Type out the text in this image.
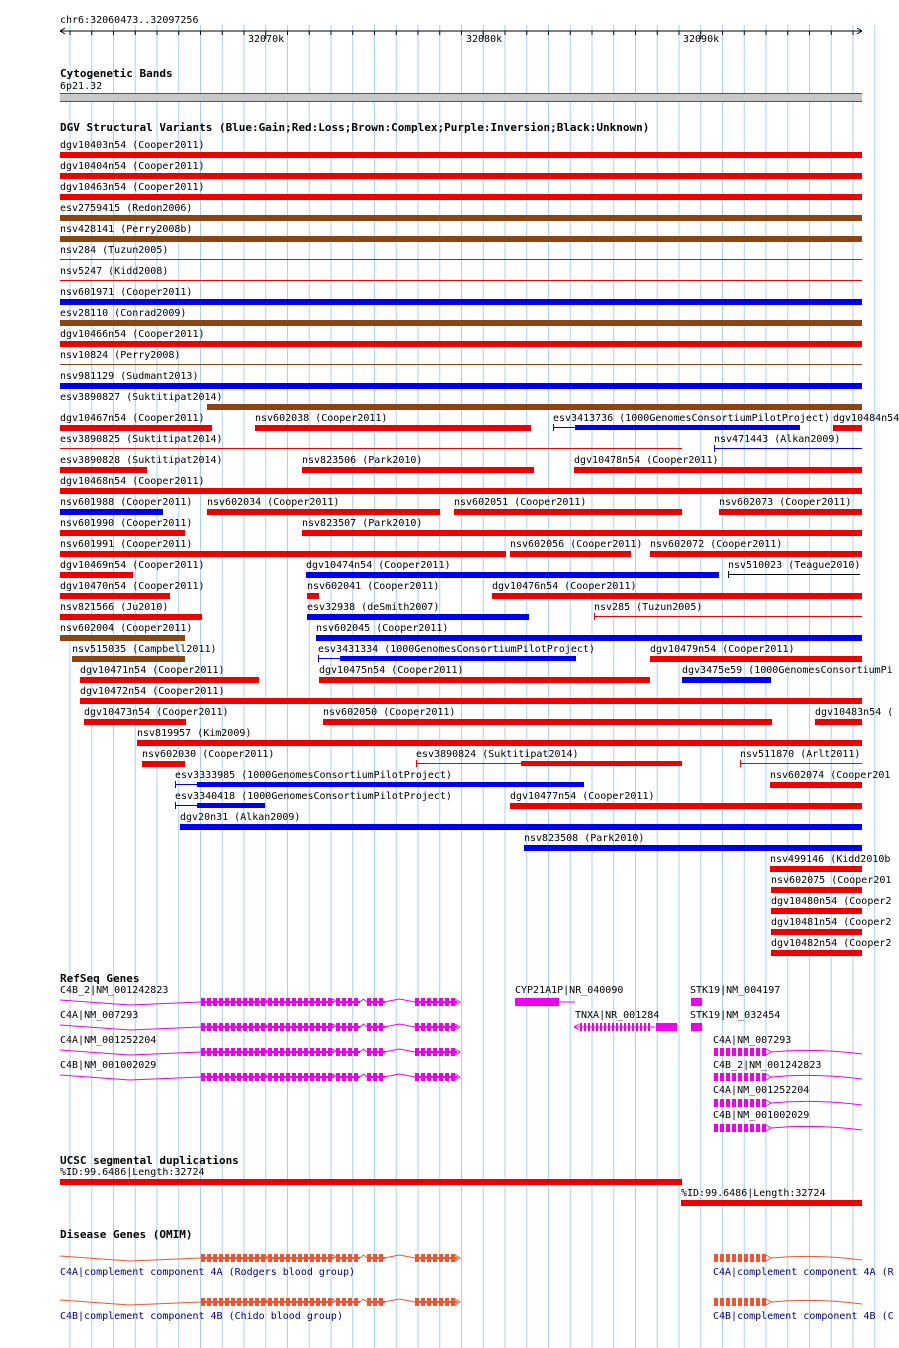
chr6:32060473..32097256
32070k	32080k	32090k
Cytogenetic Bands
6p21.32
DGV Structural Variants (Blue:Gain;Red:Loss;Brown:Complex;Purple:Inversion;Black:Unknown)
dgv10403n54 (Cooper2011)
dgv10404n54 (Cooper2011)
dgv10463n54 (Cooper2011)
esv2759415 (Redon2006)
nsv428141 (Perry2008b)
nsv284 (Tuzun2005)
nsv5247 (Kidd2008)
nsv601971 (Cooper2011)
esv28110 (Conrad2009)
dgv10466n54 (Cooper2011)
nsv10824 (Perry2008)
nsv981129 (Sudmant2013)
esv3890827 (Suktitipat2014)
dgv10467n54 (Cooper2011)	nsv602038 (Cooper2011)	esv3413736 (1000GenomesConsortiumPilotProject) dgv10484n54
esv3890825 (Suktitipat2014)	nsv471443 (Alkan2009)
esv3890828 (Suktitipat2014)	nsv823506 (Park2010)	dgv10478n54 (Cooper2011)
dgv10468n54 (Cooper2011)
nsv601988 (Cooper2011) nsv602034 (Cooper2011)	nsv602051 (Cooper2011)	nsv602073 (Cooper2011)
nsv601990 (Cooper2011)	nsv823507 (Park2010)
nsv601991 (Cooper2011)	nsv602056 (Cooper2011) nsv602072 (Cooper2011)
dgv10469n54 (Cooper2011)	dgv10474n54 (Cooper2011)	nsv510023 (Teague2010)
dgv10470n54 (Cooper2011)	nsv602041 (Cooper2011)	dgv10476n54 (Cooper2011)
nsv821566 (Ju2010)	esv32938 (deSmith2007)	nsv285 (Tuzun2005)
nsv602004 (Cooper2011)	nsv602045 (Cooper2011)
nsv515035 (Campbell2011)	esv3431334 (1000GenomesConsortiumPilotProject)	dgv10479n54 (Cooper2011)
dgv10471n54 (Cooper2011)	dgv10475n54 (Cooper2011)	dgv3475e59 (1000GenomesConsortiumPi
dgv10472n54 (Cooper2011)
dgv10473n54 (Cooper2011)	nsv602050 (Cooper2011)	dgv10483n54 (
nsv819957 (Kim2009)
nsv602030 (Cooper2011)	esv3890824 (Suktitipat2014)	nsv511870 (Arlt2011)
esv3333985 (1000GenomesConsortiumPilotProject)	nsv602074 (Cooper201
esv3340418 (1000GenomesConsortiumPilotProject)	dgv10477n54 (Cooper2011)
dgv20n31 (Alkan2009)
nsv823508 (Park2010)
nsv499146 (Kidd2010b
nsv602075 (Cooper201
dgv10480n54 (Cooper2
dgv10481n54 (Cooper2
dgv10482n54 (Cooper2
RefSeq Genes
C4B_2|NM_001242823	CYP21A1P|NR_040090	STK19|NM_004197
C4A|NM_007293	TNXA|NR_001284	STK19|NM_032454
C4A|NM_001252204	C4A|NM_007293
C4B|NM_001002029	C4B_2|NM_001242823
C4A|NM_001252204
C4B|NM_001002029
UCSC segmental duplications
%ID:99.6486|Length:32724
%ID:99.6486|Length:32724
Disease Genes (OMIM)
C4A|complement component 4A (Rodgers blood group)	C4A|complement component 4A (R
C4B|complement component 4B (Chido blood group)	C4B|complement component 4B (C
